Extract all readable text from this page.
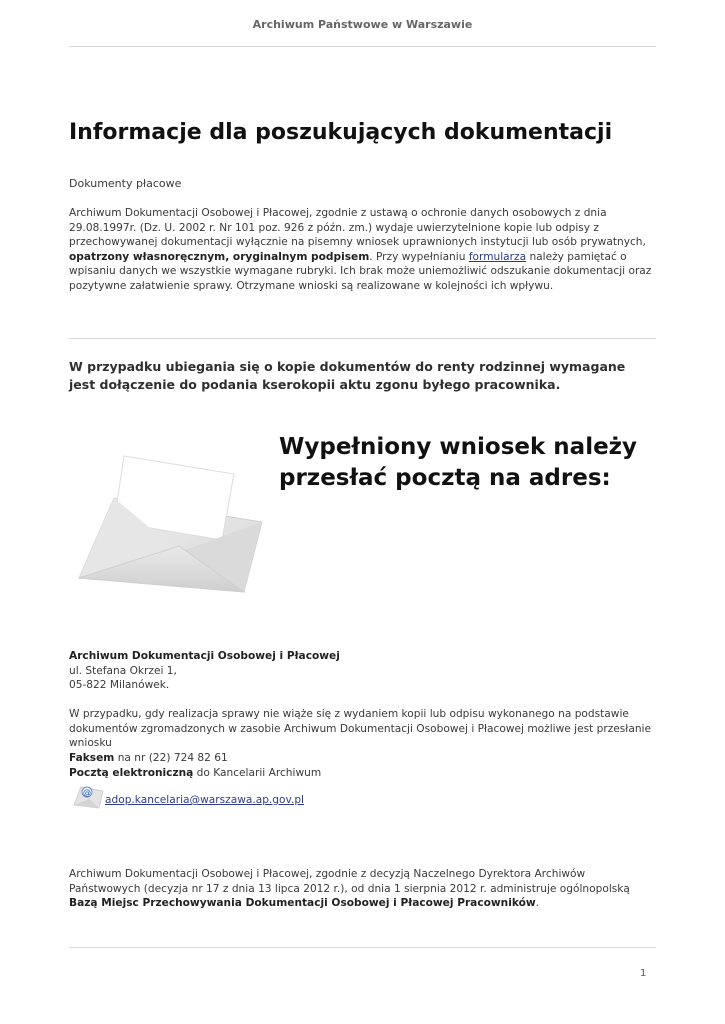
Archiwum Państwowe w Warszawie
Informacje dla poszukujących dokumentacji
Dokumenty płacowe

Archiwum Dokumentacji Osobowej i Płacowej, zgodnie z ustawą o ochronie danych osobowych z dnia 29.08.1997r. (Dz. U. 2002 r. Nr 101 poz. 926 z późn. zm.) wydaje uwierzytelnione kopie lub odpisy z przechowywanej dokumentacji wyłącznie na pisemny wniosek uprawnionych instytucji lub osób prywatnych, opatrzony własnoręcznym, oryginalnym podpisem. Przy wypełnianiu formularza należy pamiętać o wpisaniu danych we wszystkie wymagane rubryki. Ich brak może uniemożliwić odszukanie dokumentacji oraz pozytywne załatwienie sprawy. Otrzymane wnioski są realizowane w kolejności ich wpływu.

W przypadku ubiegania się o kopie dokumentów do renty rodzinnej wymagane jest dołączenie do podania kserokopii aktu zgonu byłego pracownika.

Wypełniony wniosek należy przesłać pocztą na adres:
Archiwum Dokumentacji Osobowej i Płacowej
ul. Stefana Okrzei 1,
05-822 Milanówek.

W przypadku, gdy realizacja sprawy nie wiąże się z wydaniem kopii lub odpisu wykonanego na podstawie dokumentów zgromadzonych w zasobie Archiwum Dokumentacji Osobowej i Płacowej możliwe jest przesłanie wniosku

Faksem na nr (22) 724 82 61
Pocztą elektroniczną do Kancelarii Archiwum
@
adop.kancelaria@warszawa.ap.gov.pl

Archiwum Dokumentacji Osobowej i Płacowej, zgodnie z decyzją Naczelnego Dyrektora Archiwów Państwowych (decyzja nr 17 z dnia 13 lipca 2012 r.), od dnia 1 sierpnia 2012 r. administruje ogólnopolską Bazą Miejsc Przechowywania Dokumentacji Osobowej i Płacowej Pracowników.

1
